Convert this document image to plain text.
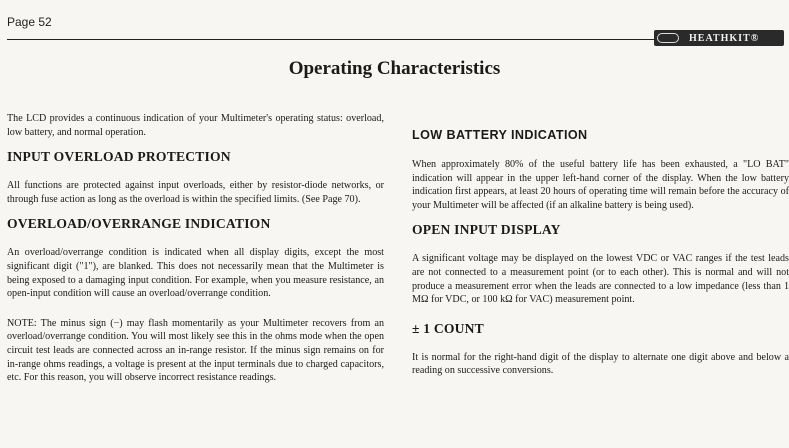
Page 52
HEATHKIT®
Operating Characteristics

The LCD provides a continuous indication of your Multimeter's operating status: overload, low battery, and normal operation.

INPUT OVERLOAD PROTECTION

All functions are protected against input overloads, either by resistor-diode networks, or through fuse action as long as the overload is within the specified limits. (See Page 70).

OVERLOAD/OVERRANGE INDICATION

An overload/overrange condition is indicated when all display digits, except the most significant digit ("1"), are blanked. This does not necessarily mean that the Multimeter is being exposed to a damaging input condition. For example, when you measure resistance, an open-input condition will cause an overload/overrange condition.

NOTE: The minus sign (−) may flash momentarily as your Multimeter recovers from an overload/overrange condition. You will most likely see this in the ohms mode when the open circuit test leads are connected across an in-range resistor. If the minus sign remains on for in-range ohms readings, a voltage is present at the input terminals due to charged capacitors, etc. For this reason, you will observe incorrect resistance readings.

LOW BATTERY INDICATION

When approximately 80% of the useful battery life has been exhausted, a "LO BAT" indication will appear in the upper left-hand corner of the display. When the low battery indication first appears, at least 20 hours of operating time will remain before the accuracy of your Multimeter will be affected (if an alkaline battery is being used).

OPEN INPUT DISPLAY

A significant voltage may be displayed on the lowest VDC or VAC ranges if the test leads are not connected to a measurement point (or to each other). This is normal and will not produce a measurement error when the leads are connected to a low impedance (less than 1 MΩ for VDC, or 100 kΩ for VAC) measurement point.

± 1 COUNT

It is normal for the right-hand digit of the display to alternate one digit above and below a reading on successive conversions.
